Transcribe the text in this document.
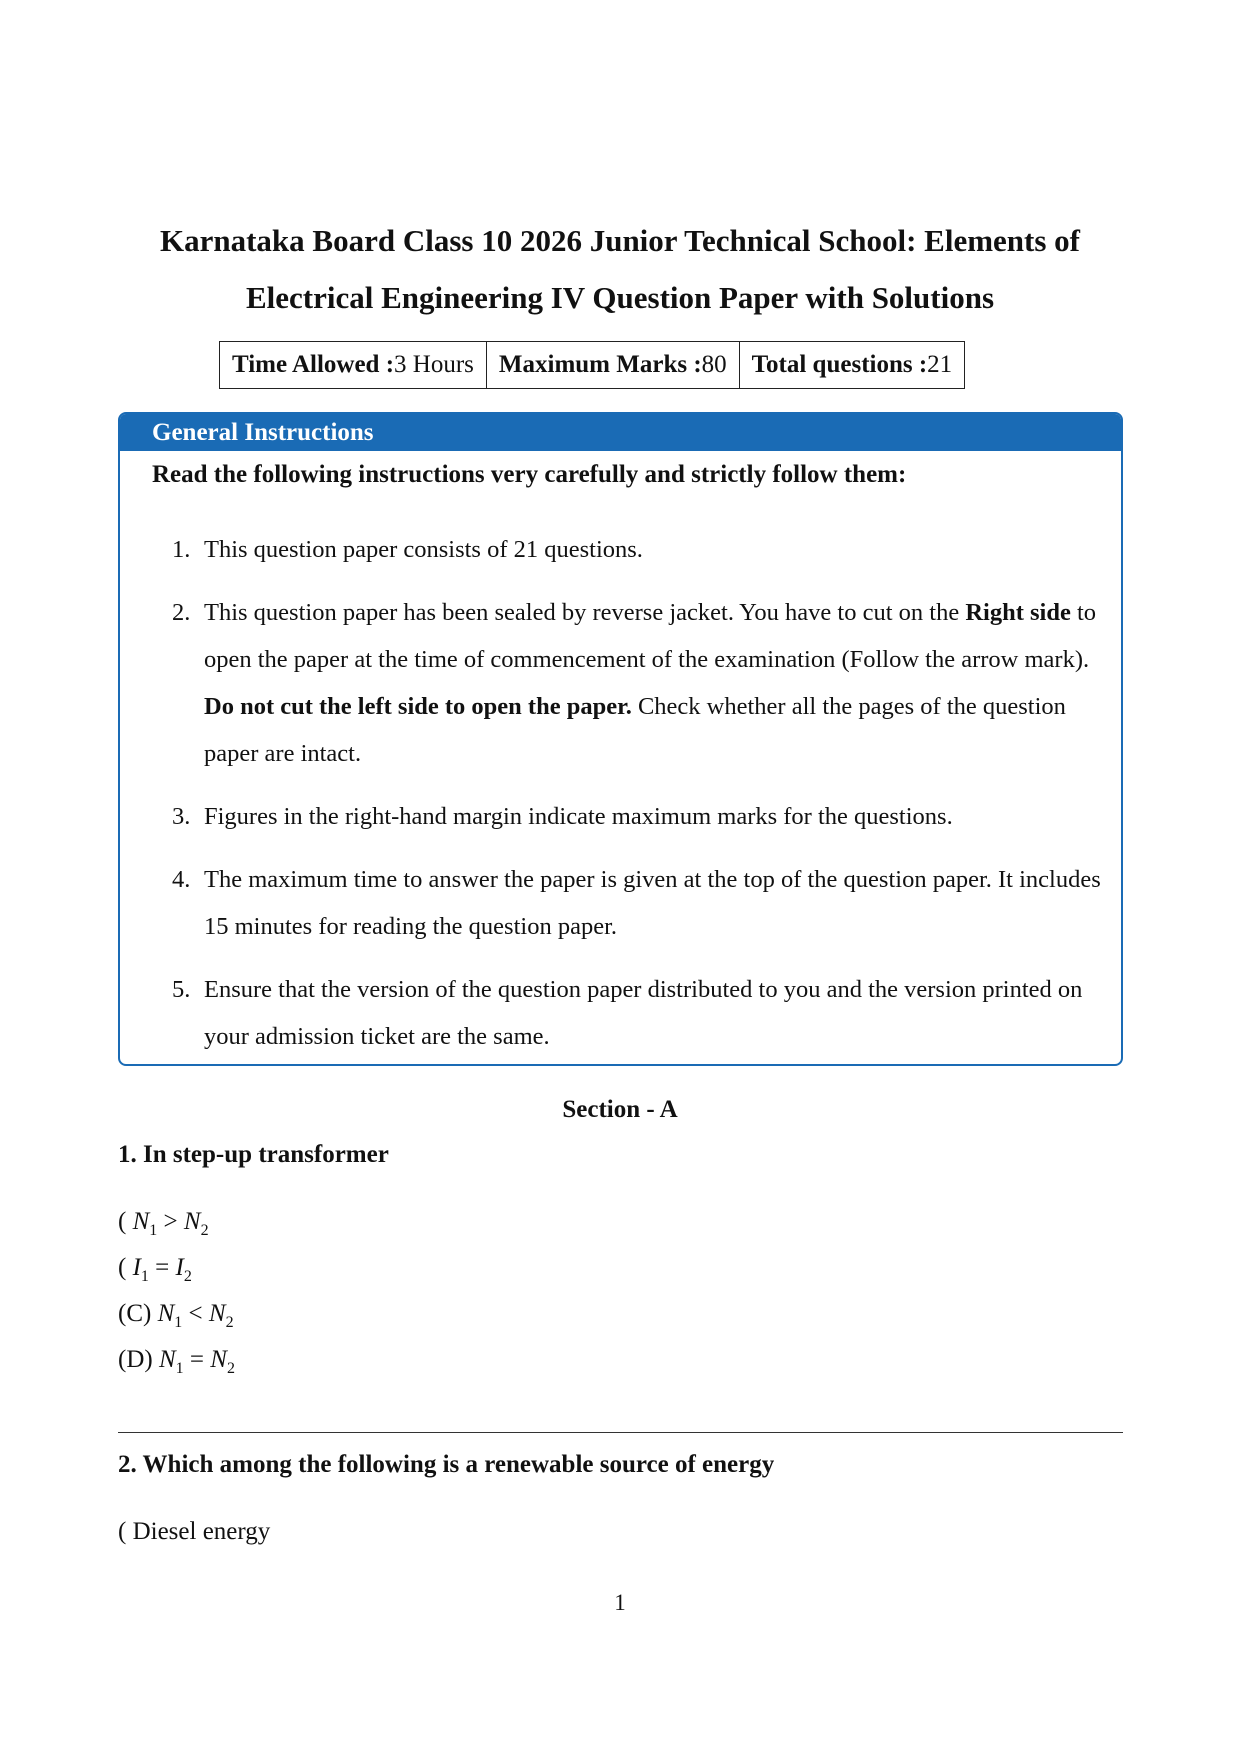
Karnataka Board Class 10 2026 Junior Technical School: Elements of
Electrical Engineering IV Question Paper with Solutions
Time Allowed :3 Hours	Maximum Marks :80	Total questions :21
General Instructions
Read the following instructions very carefully and strictly follow them:
1. This question paper consists of 21 questions.
2. This question paper has been sealed by reverse jacket. You have to cut on the Right side to open the paper at the time of commencement of the examination (Follow the arrow mark). Do not cut the left side to open the paper. Check whether all the pages of the question paper are intact.
3. Figures in the right-hand margin indicate maximum marks for the questions.
4. The maximum time to answer the paper is given at the top of the question paper. It includes 15 minutes for reading the question paper.
5. Ensure that the version of the question paper distributed to you and the version printed on your admission ticket are the same.
Section - A
1. In step-up transformer
( $N_1 > N_2$
( $I_1 = I_2$
(C) $N_1 < N_2$
(D) $N_1 = N_2$
2. Which among the following is a renewable source of energy
( Diesel energy
1
